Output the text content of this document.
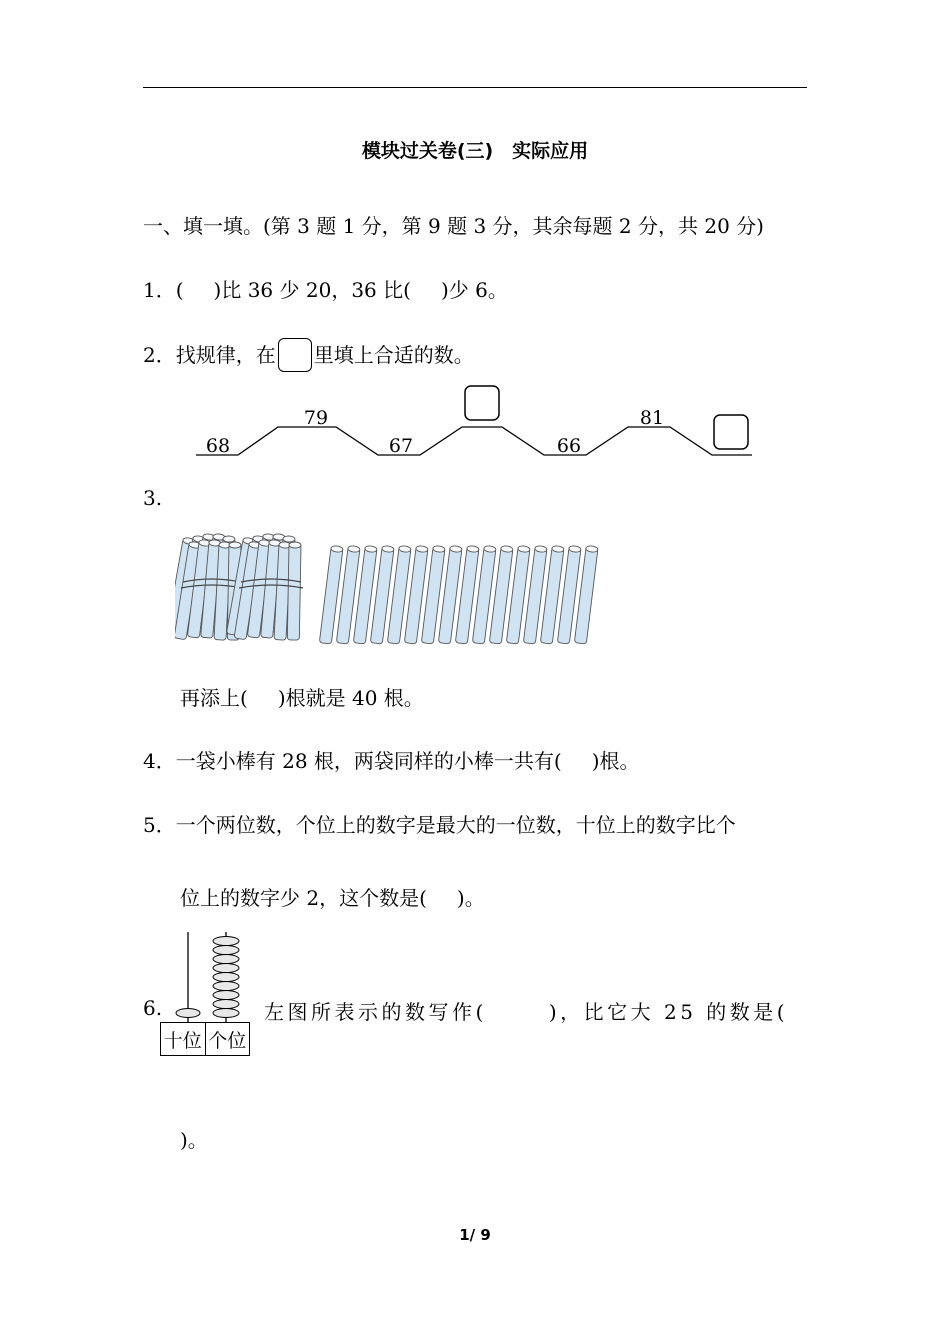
模块过关卷(三)　实际应用
一、填一填。(第 3 题 1 分，第 9 题 3 分，其余每题 2 分，共 20 分)
1．( )比 36 少 20，36 比( )少 6。
2．找规律，在 里填上合适的数。
68
79
67	66
81
3.
再添上( )根就是 40 根。
4．一袋小棒有 28 根，两袋同样的小棒一共有( )根。
5．一个两位数，个位上的数字是最大的一位数，十位上的数字比个
位上的数字少 2，这个数是( )。
6.
十位 个位
左图所表示的数写作(	)，比它大 25 的数是(
)。
1/ 9
